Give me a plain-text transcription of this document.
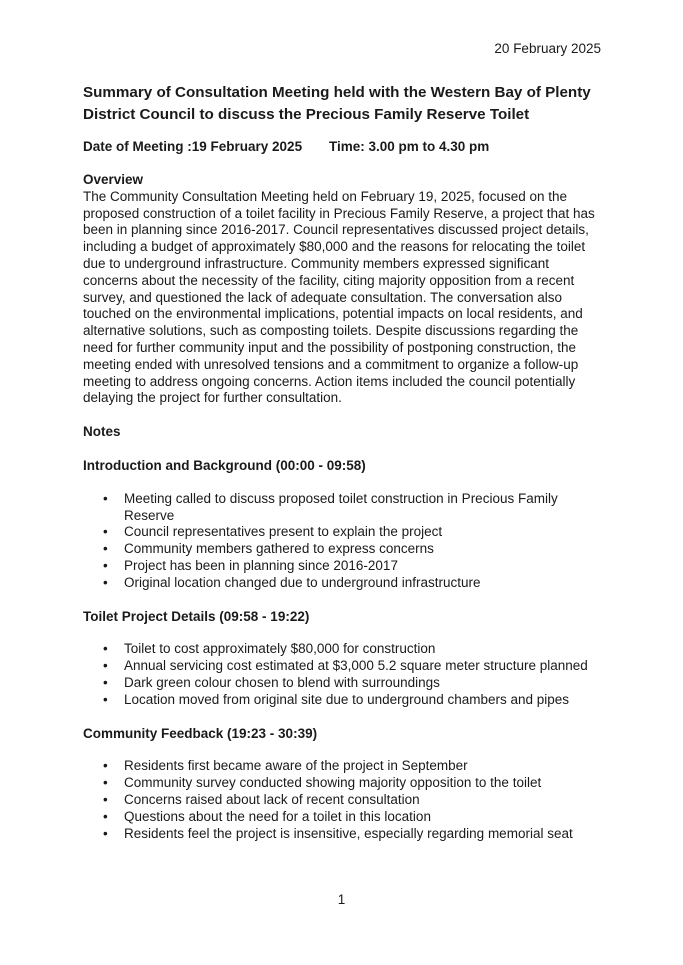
20 February 2025
Summary of Consultation Meeting held with the Western Bay of Plenty District Council to discuss the Precious Family Reserve Toilet
Date of Meeting :19 February 2025 Time: 3.00 pm to 4.30 pm

Overview

The Community Consultation Meeting held on February 19, 2025, focused on the proposed construction of a toilet facility in Precious Family Reserve, a project that has been in planning since 2016-2017. Council representatives discussed project details, including a budget of approximately $80,000 and the reasons for relocating the toilet due to underground infrastructure. Community members expressed significant concerns about the necessity of the facility, citing majority opposition from a recent survey, and questioned the lack of adequate consultation. The conversation also touched on the environmental implications, potential impacts on local residents, and alternative solutions, such as composting toilets. Despite discussions regarding the need for further community input and the possibility of postponing construction, the meeting ended with unresolved tensions and a commitment to organize a follow-up meeting to address ongoing concerns. Action items included the council potentially delaying the project for further consultation.

Notes

Introduction and Background (00:00 - 09:58)

• Meeting called to discuss proposed toilet construction in Precious Family Reserve
• Council representatives present to explain the project
• Community members gathered to express concerns
• Project has been in planning since 2016-2017
• Original location changed due to underground infrastructure

Toilet Project Details (09:58 - 19:22)

• Toilet to cost approximately $80,000 for construction
• Annual servicing cost estimated at $3,000 5.2 square meter structure planned
• Dark green colour chosen to blend with surroundings
• Location moved from original site due to underground chambers and pipes

Community Feedback (19:23 - 30:39)

• Residents first became aware of the project in September
• Community survey conducted showing majority opposition to the toilet
• Concerns raised about lack of recent consultation
• Questions about the need for a toilet in this location
• Residents feel the project is insensitive, especially regarding memorial seat
1
